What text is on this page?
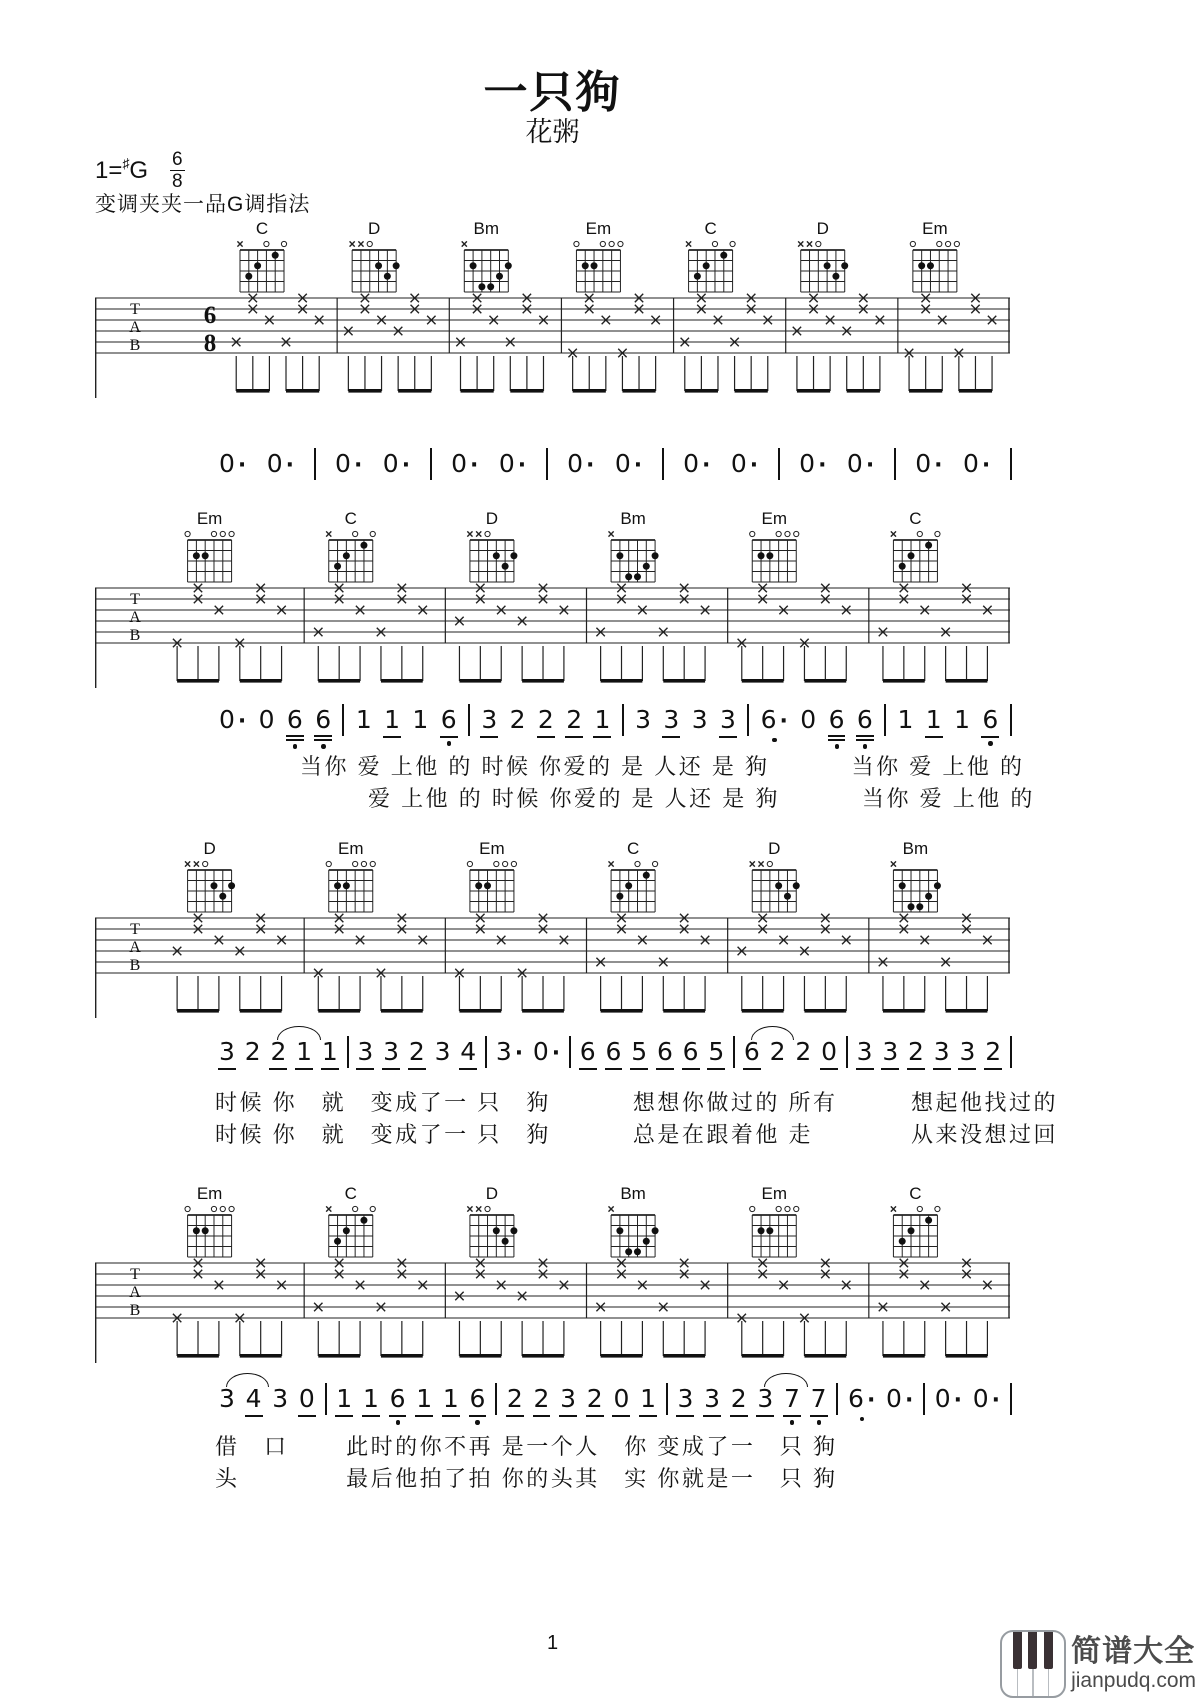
一只狗
花粥
1= ♯ G 6
8
变调夹夹一品G调指法
T
A
B
6
8
C	D	Bm	Em	C	D	Em
0 · 0 · 0 · 0 · 0 · 0 · 0 · 0 · 0 · 0 · 0 · 0 · 0 · 0 ·
T
A
B
Em	C	D	Bm	Em	C
0 · 0 6 6 1 1 1 6 3 2 2 2 1 3 3 3 3 6 · 0 6 6 1 1 1 6
当你 爱 上他 的 时候 你爱的 是 人还 是 狗　　　 当你 爱 上他 的
爱 上他 的 时候 你爱的 是 人还 是 狗　　　 当你 爱 上他 的
T
A
B
D	Em	Em	C	D	Bm
3 2 2 1 1 3 3 2 3 4 3 · 0 · 6 6 5 6 6 5 6 2 2 0 3 3 2 3 3 2
时候 你　就　变成了一 只　狗　　　 想想你做过的 所有　　　想起他找过的
时候 你　就　变成了一 只　狗　　　 总是在跟着他 走　　　　从来没想过回
T
A
B
Em	C	D	Bm	Em	C
3 4 3 0 1 1 6 1 1 6 2 2 3 2 0 1 3 3 2 3 7 7 6 · 0 · 0 · 0 ·
借　口　　 此时的你不再 是一个人　你 变成了一　只 狗
头　　　　 最后他拍了拍 你的头其　实 你就是一　只 狗
1	简谱大全
jianpudq.com
